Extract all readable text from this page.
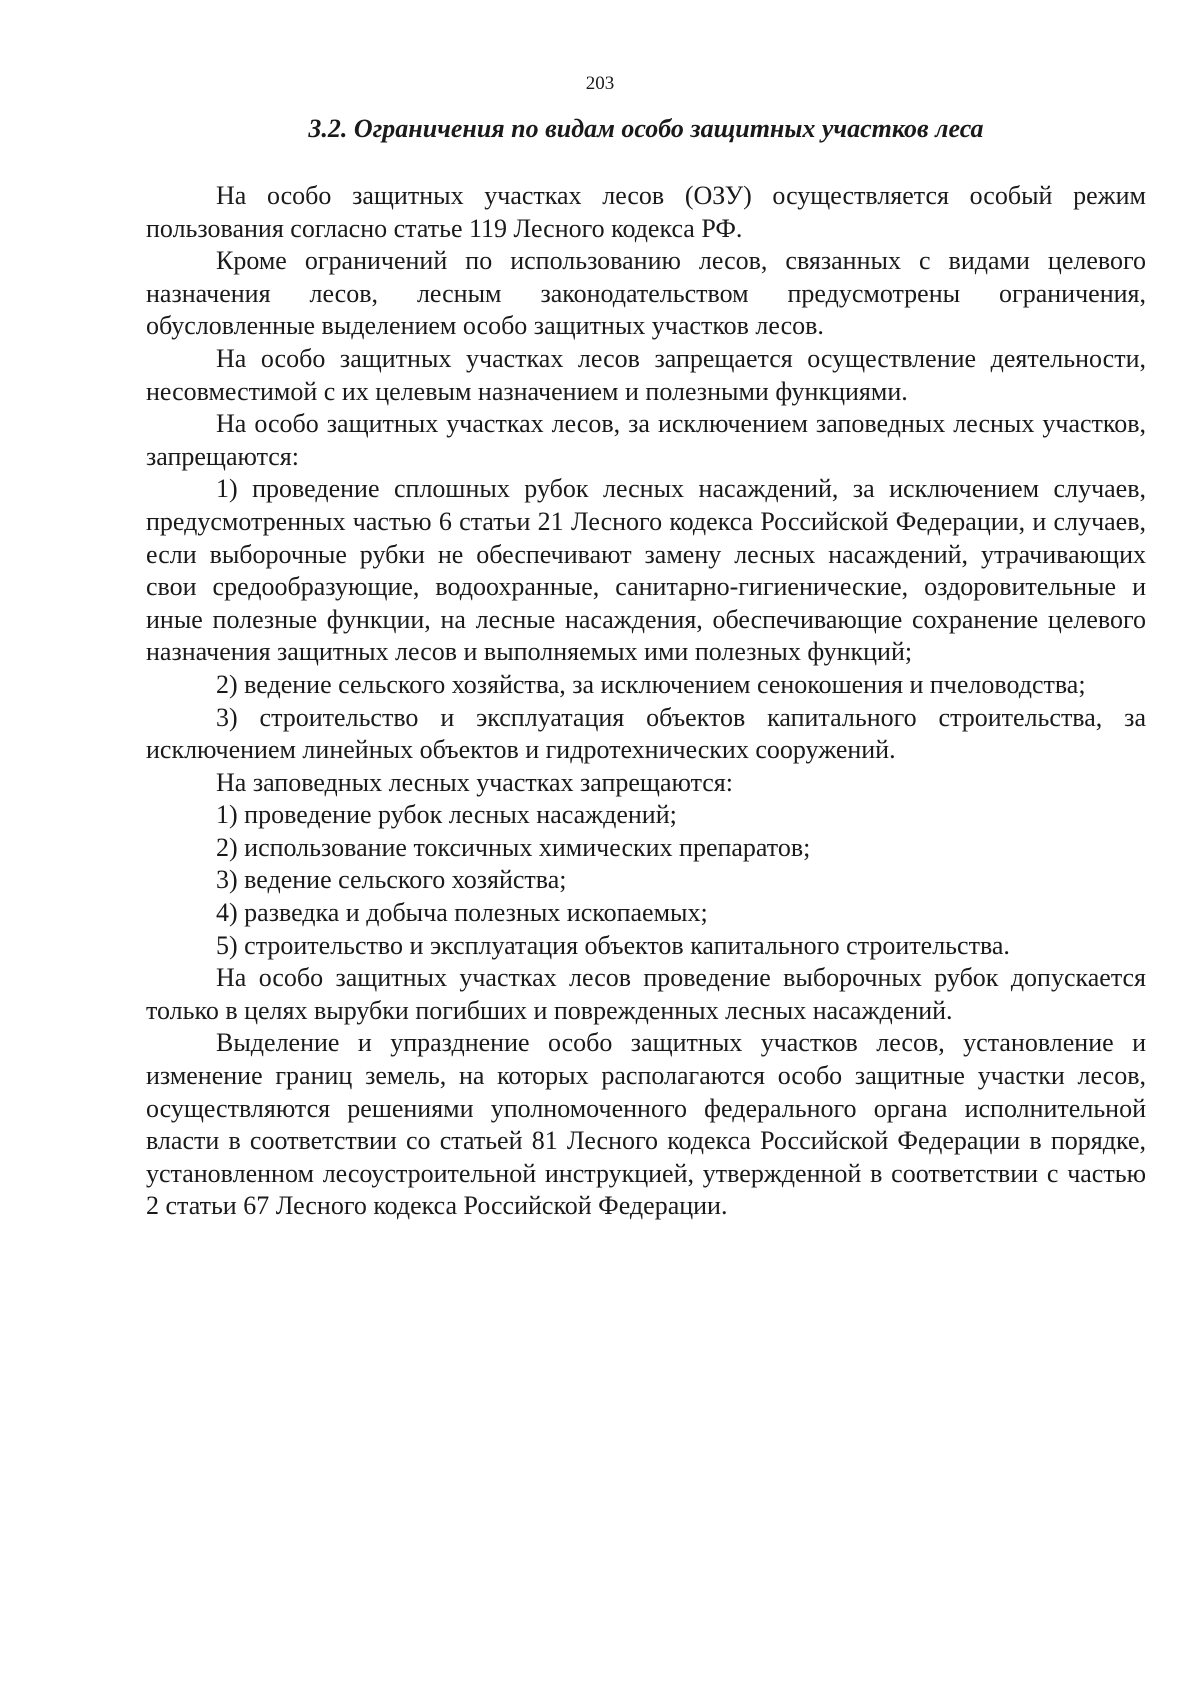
203
3.2. Ограничения по видам особо защитных участков леса

На особо защитных участках лесов (ОЗУ) осуществляется особый режим пользования согласно статье 119 Лесного кодекса РФ.

Кроме ограничений по использованию лесов, связанных с видами целевого назначения лесов, лесным законодательством предусмотрены ограничения, обусловленные выделением особо защитных участков лесов.

На особо защитных участках лесов запрещается осуществление деятельности, несовместимой с их целевым назначением и полезными функциями.

На особо защитных участках лесов, за исключением заповедных лесных участков, запрещаются:

1) проведение сплошных рубок лесных насаждений, за исключением случаев, предусмотренных частью 6 статьи 21 Лесного кодекса Российской Федерации, и случаев, если выборочные рубки не обеспечивают замену лесных насаждений, утрачивающих свои средообразующие, водоохранные, санитарно-гигиенические, оздоровительные и иные полезные функции, на лесные насаждения, обеспечивающие сохранение целевого назначения защитных лесов и выполняемых ими полезных функций;

2) ведение сельского хозяйства, за исключением сенокошения и пчеловодства;

3) строительство и эксплуатация объектов капитального строительства, за исключением линейных объектов и гидротехнических сооружений.

На заповедных лесных участках запрещаются:

1) проведение рубок лесных насаждений;

2) использование токсичных химических препаратов;

3) ведение сельского хозяйства;

4) разведка и добыча полезных ископаемых;

5) строительство и эксплуатация объектов капитального строительства.

На особо защитных участках лесов проведение выборочных рубок допускается только в целях вырубки погибших и поврежденных лесных насаждений.

Выделение и упразднение особо защитных участков лесов, установление и изменение границ земель, на которых располагаются особо защитные участки лесов, осуществляются решениями уполномоченного федерального органа исполнительной власти в соответствии со статьей 81 Лесного кодекса Российской Федерации в порядке, установленном лесоустроительной инструкцией, утвержденной в соответствии с частью 2 статьи 67 Лесного кодекса Российской Федерации.
